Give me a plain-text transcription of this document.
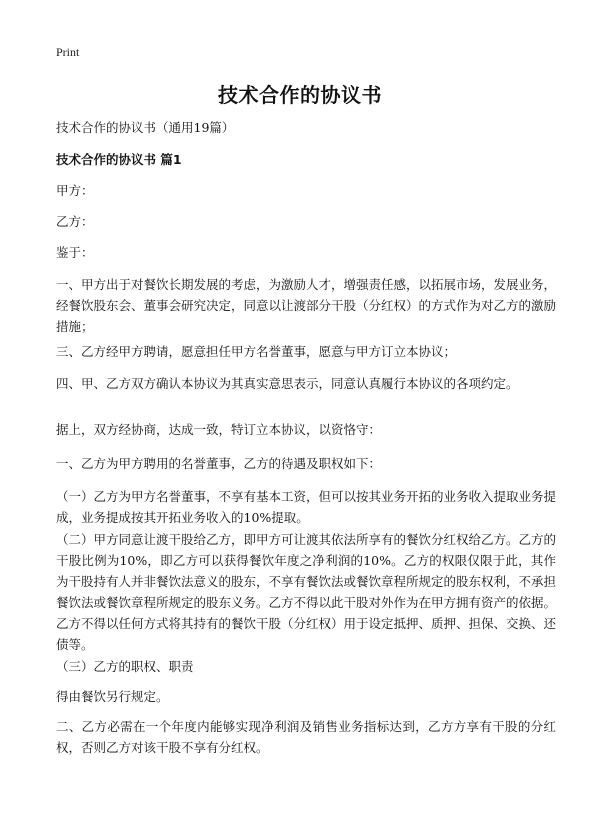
Print
技术合作的协议书
技术合作的协议书（通用19篇）
技术合作的协议书 篇1
甲方：
乙方：
鉴于：
一、甲方出于对餐饮长期发展的考虑，为激励人才，增强责任感，以拓展市场，发展业务，经餐饮股东会、董事会研究决定，同意以让渡部分干股（分红权）的方式作为对乙方的激励措施；
三、乙方经甲方聘请，愿意担任甲方名誉董事，愿意与甲方订立本协议；
四、甲、乙方双方确认本协议为其真实意思表示，同意认真履行本协议的各项约定。
据上，双方经协商，达成一致，特订立本协议，以资恪守：
一、乙方为甲方聘用的名誉董事，乙方的待遇及职权如下：
（一）乙方为甲方名誉董事，不享有基本工资，但可以按其业务开拓的业务收入提取业务提成，业务提成按其开拓业务收入的10%提取。
（二）甲方同意让渡干股给乙方，即甲方可让渡其依法所享有的餐饮分红权给乙方。乙方的干股比例为10%，即乙方可以获得餐饮年度之净利润的10%。乙方的权限仅限于此，其作为干股持有人并非餐饮法意义的股东，不享有餐饮法或餐饮章程所规定的股东权利，不承担餐饮法或餐饮章程所规定的股东义务。乙方不得以此干股对外作为在甲方拥有资产的依据。乙方不得以任何方式将其持有的餐饮干股（分红权）用于设定抵押、质押、担保、交换、还债等。
（三）乙方的职权、职责
得由餐饮另行规定。
二、乙方必需在一个年度内能够实现净利润及销售业务指标达到，乙方方享有干股的分红权，否则乙方对该干股不享有分红权。
